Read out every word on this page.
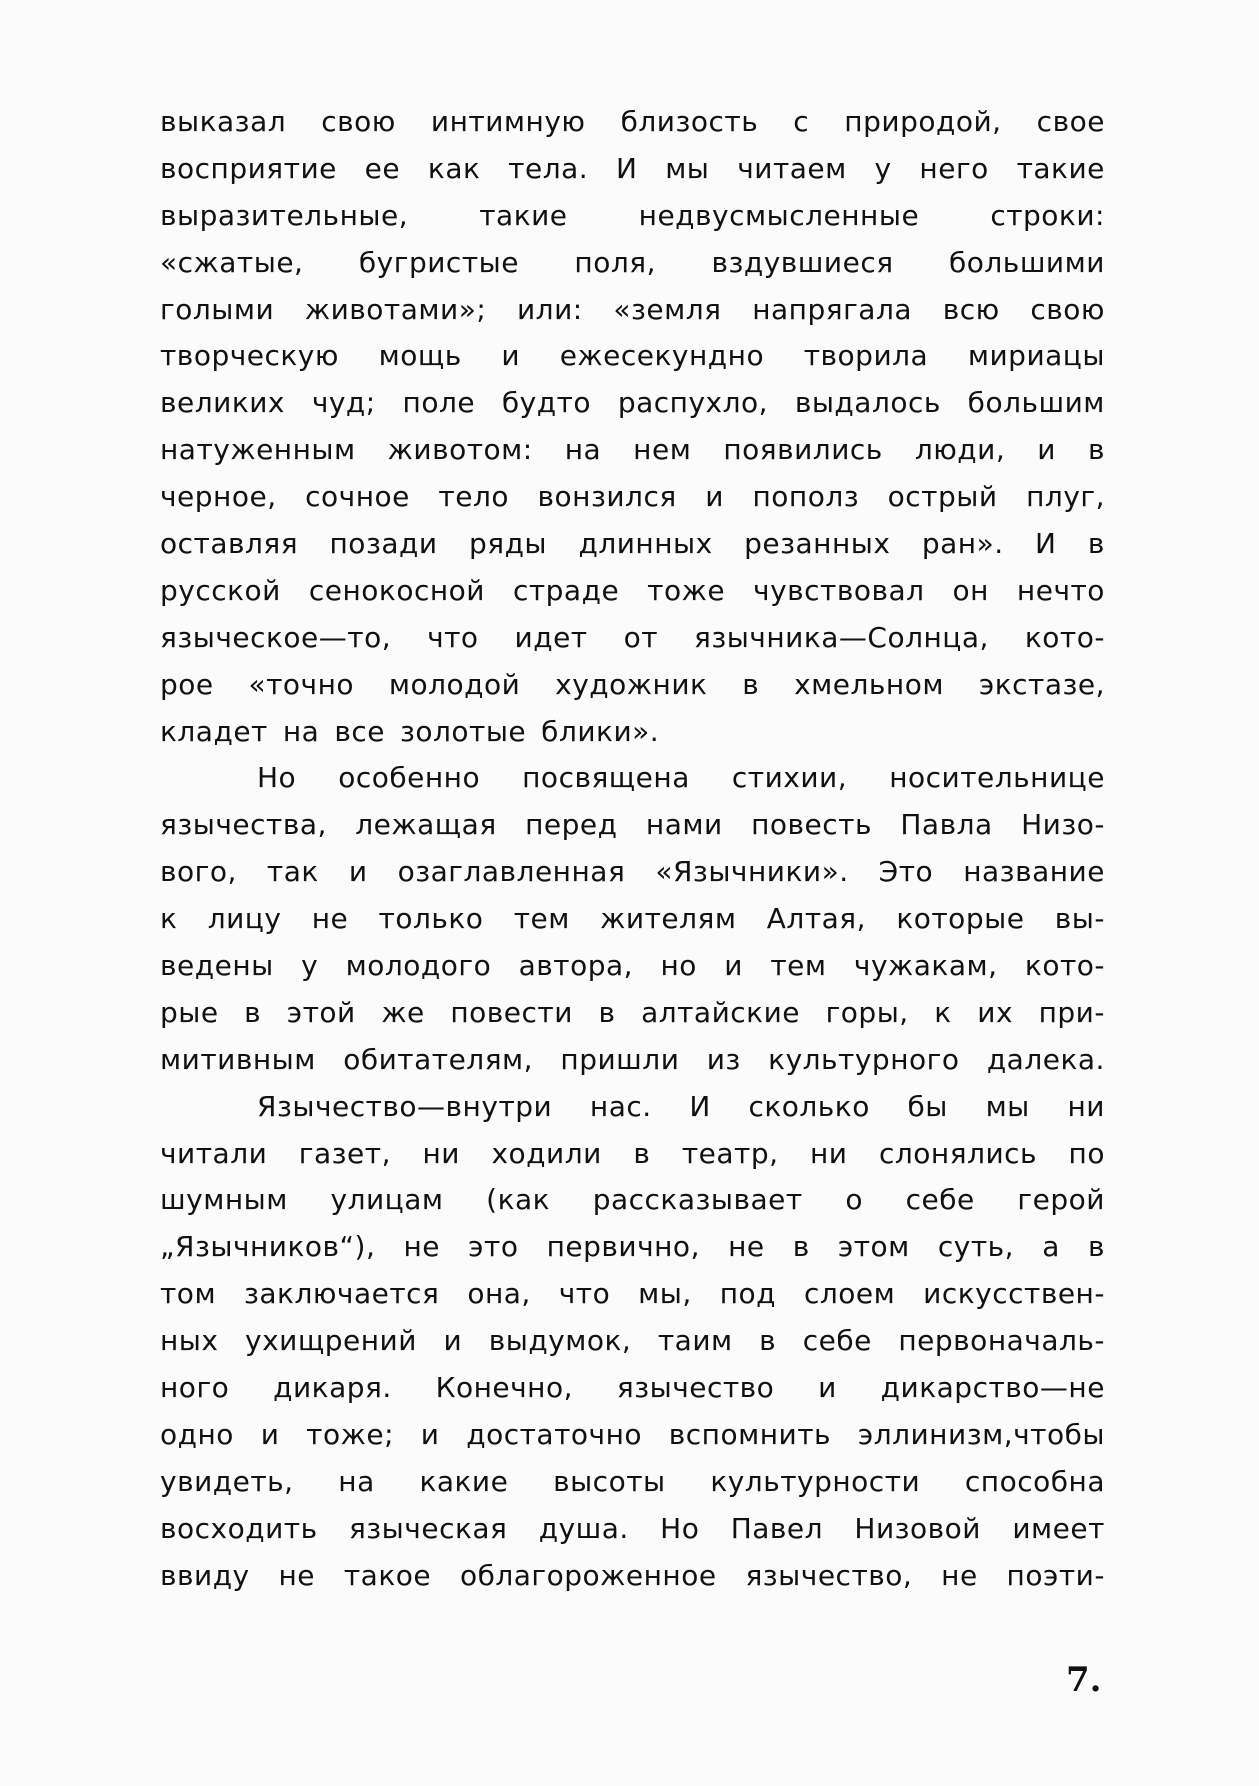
выказал свою интимную близость с природой, свое
восприятие ее как тела. И мы читаем у него такие
выразительные,	такие	недвусмысленные	строки:
«сжатые, бугристые поля, вздувшиеся большими
голыми животами»; или: «земля напрягала всю свою
творческую мощь и ежесекундно творила мириацы
великих чуд; поле будто распухло, выдалось большим
натуженным животом: на нем появились люди, и в
черное, сочное тело вонзился и пополз острый плуг,
оставляя позади ряды длинных резанных ран». И в
русской сенокосной страде тоже чувствовал он нечто
языческое—то, что идет от язычника—Солнца, кото-
рое «точно молодой художник в хмельном экстазе,
кладет на все золотые блики».
Но особенно посвящена стихии, носительнице
язычества, лежащая перед нами повесть Павла Низо-
вого, так и озаглавленная «Язычники». Это название
к лицу не только тем жителям Алтая, которые вы-
ведены у молодого автора, но и тем чужакам, кото-
рые в этой же повести в алтайские горы, к их при-
митивным обитателям, пришли из культурного далека.
Язычество—внутри нас. И сколько бы мы ни
читали газет, ни ходили в театр, ни слонялись по
шумным улицам (как рассказывает о себе герой
„Язычников“), не это первично, не в этом суть, а в
том заключается она, что мы, под слоем искусствен-
ных ухищрений и выдумок, таим в себе первоначаль-
ного дикаря. Конечно, язычество и дикарство—не
одно и тоже; и достаточно вспомнить эллинизм,чтобы
увидеть, на какие высоты культурности способна
восходить языческая душа. Но Павел Низовой имеет
ввиду не такое облагороженное язычество, не поэти-
7.
